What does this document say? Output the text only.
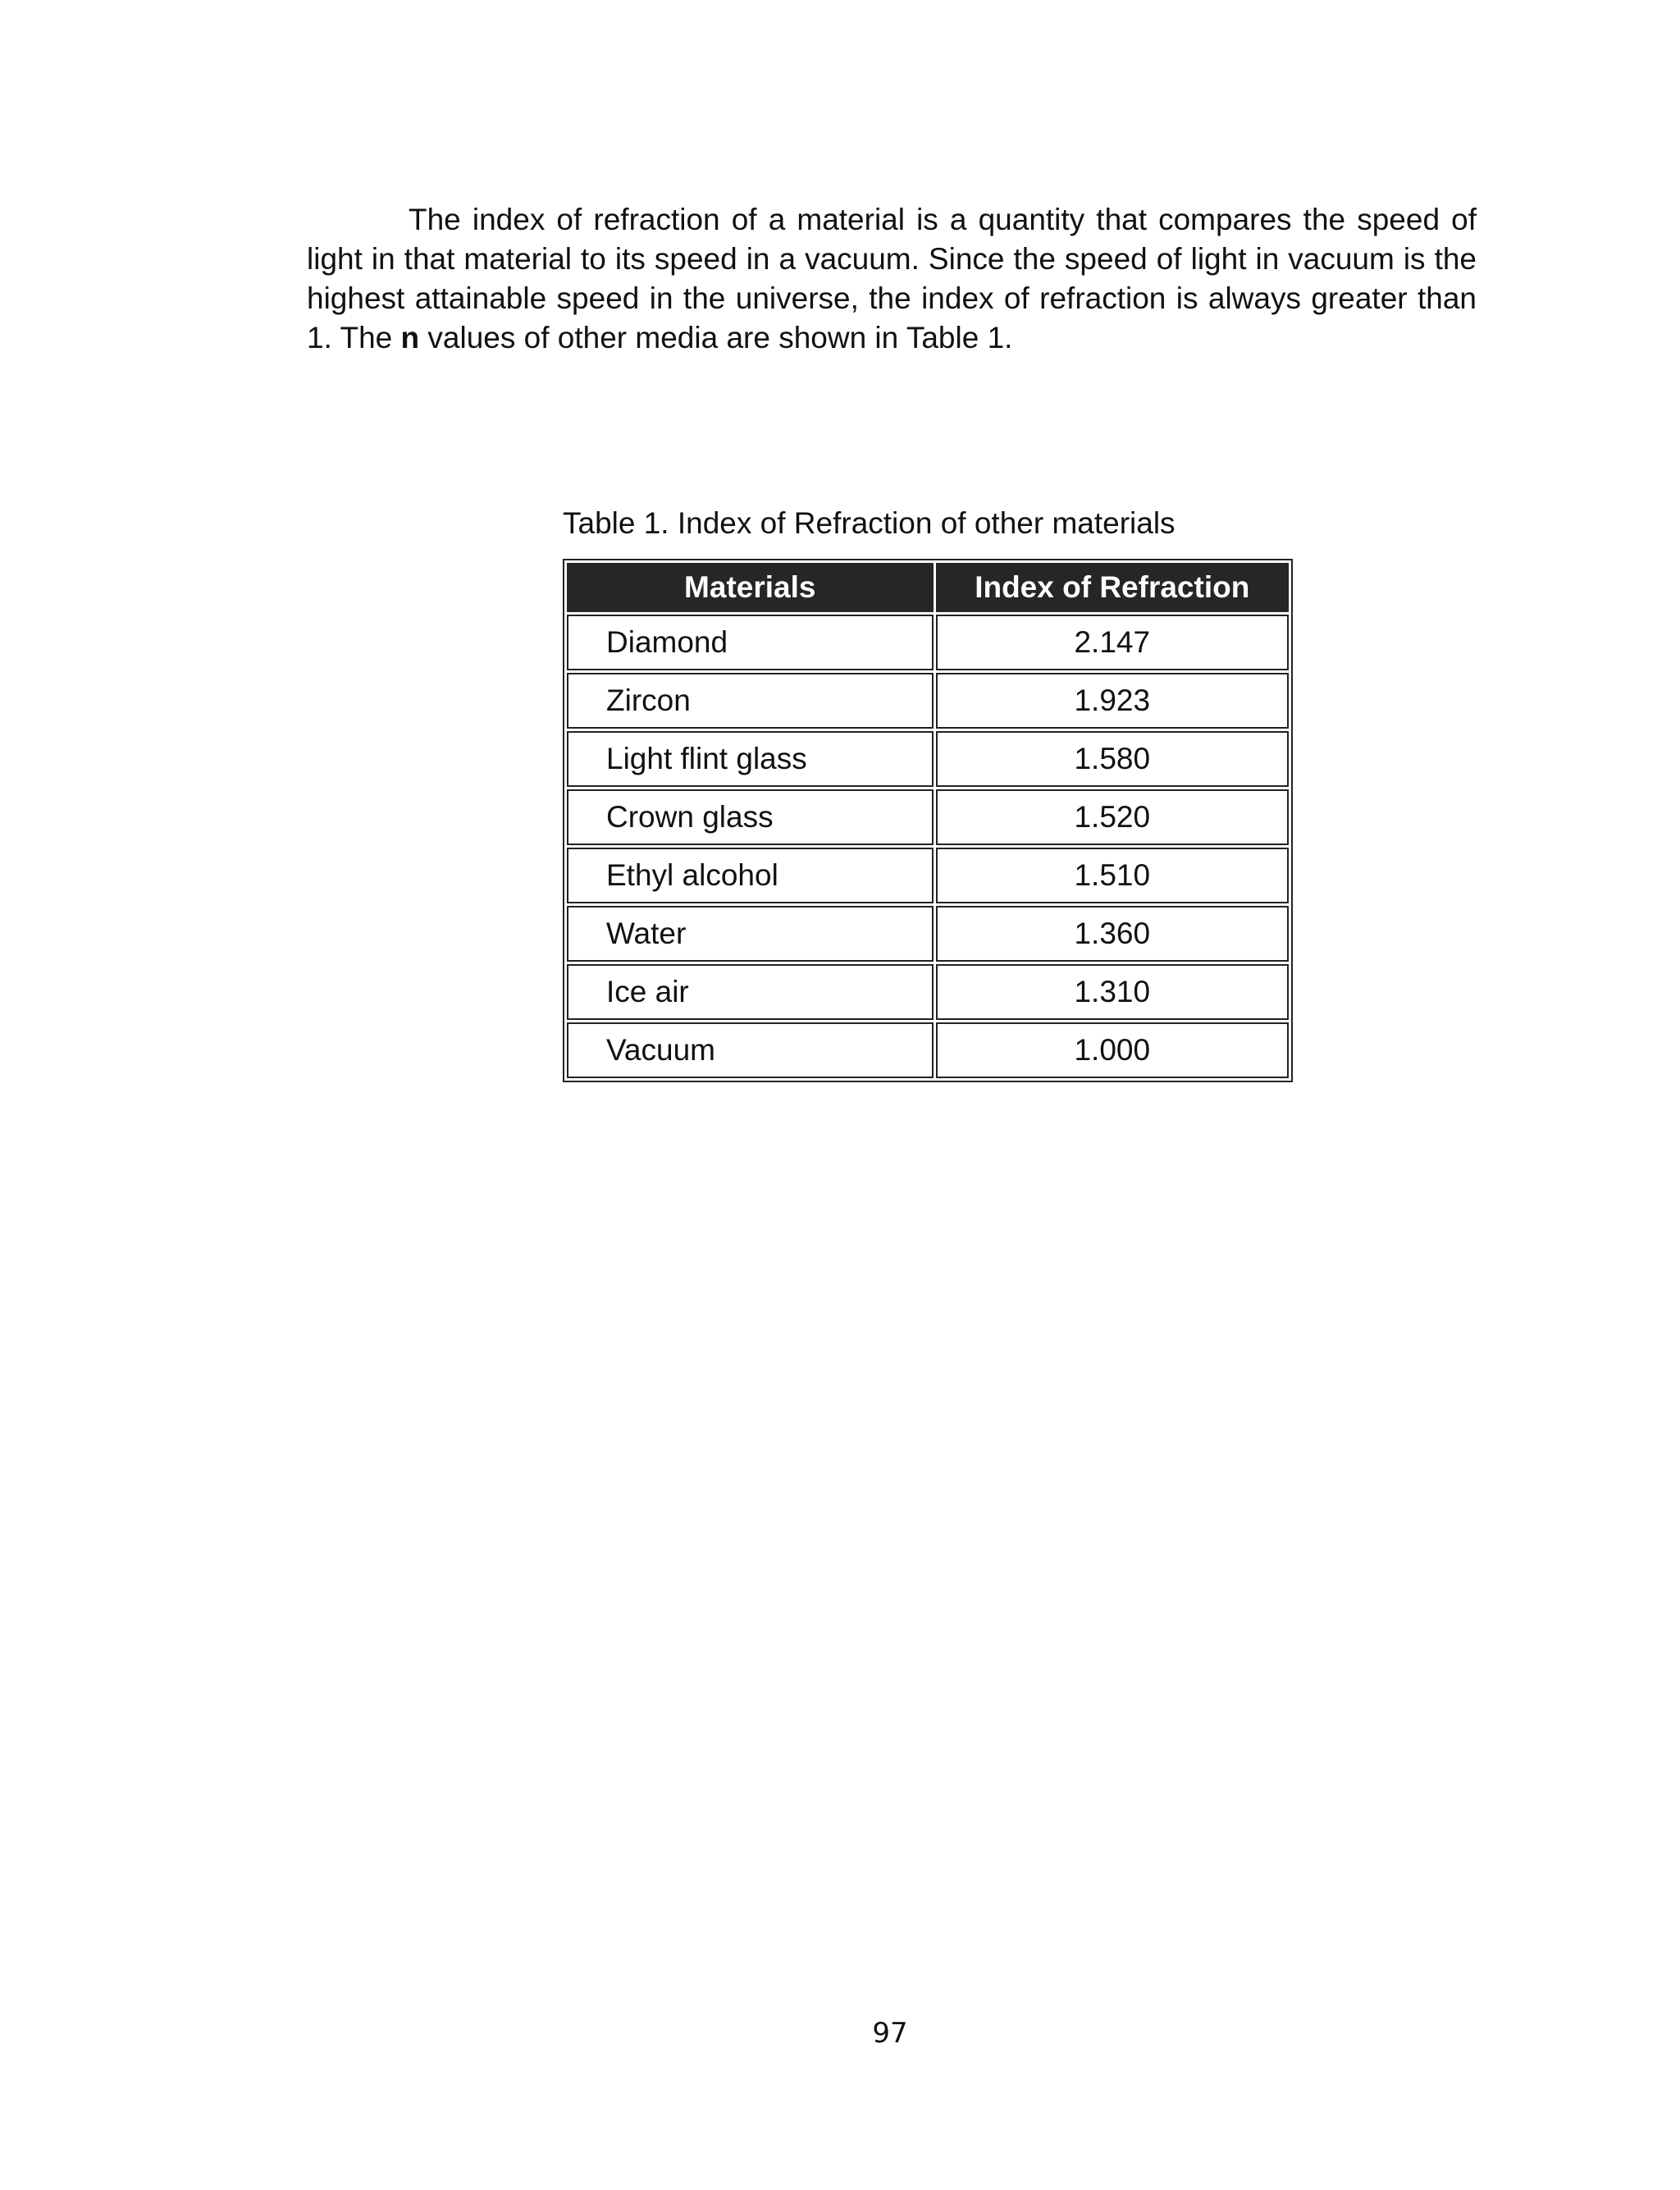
The index of refraction of a material is a quantity that compares the speed of light in that material to its speed in a vacuum. Since the speed of light in vacuum is the highest attainable speed in the universe, the index of refraction is always greater than 1. The n values of other media are shown in Table 1.

Table 1. Index of Refraction of other materials

Materials	Index of Refraction
Diamond	2.147
Zircon	1.923
Light flint glass	1.580
Crown glass	1.520
Ethyl alcohol	1.510
Water	1.360
Ice air	1.310
Vacuum	1.000
97
